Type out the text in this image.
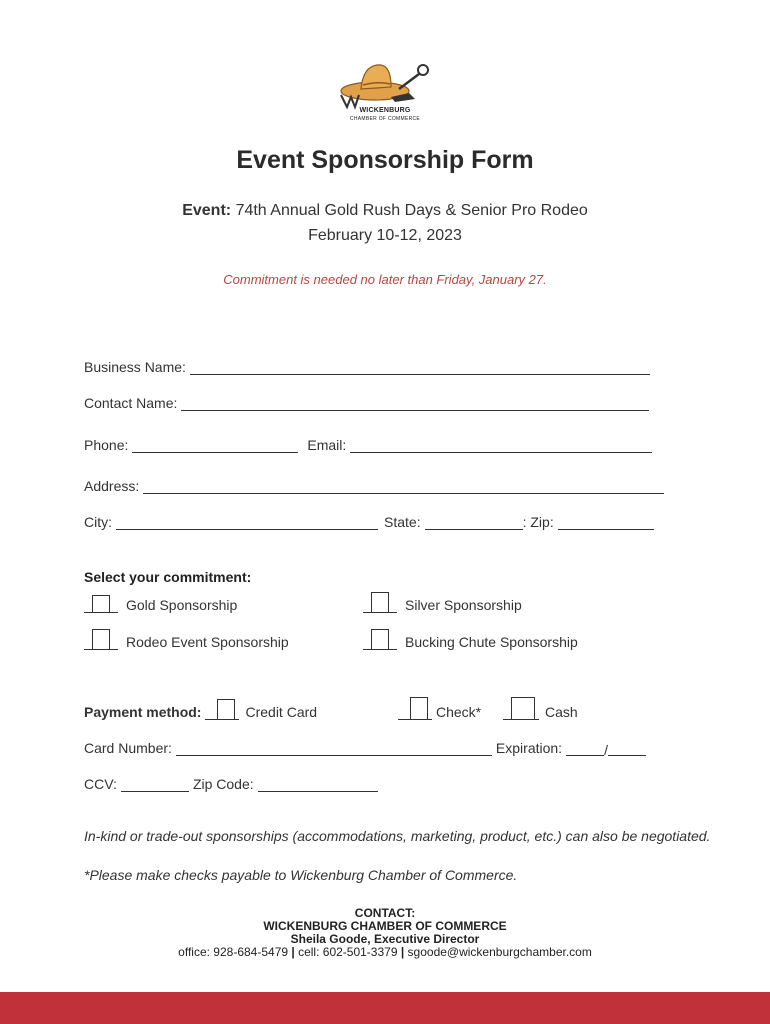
WICKENBURG
CHAMBER OF COMMERCE
Event Sponsorship Form
Event: 74th Annual Gold Rush Days & Senior Pro Rodeo
February 10-12, 2023
Commitment is needed no later than Friday, January 27.
Business Name:
Contact Name:
Phone:	Email:
Address:
City:	State:	: Zip:
Select your commitment:
Gold Sponsorship	Silver Sponsorship
Rodeo Event Sponsorship	Bucking Chute Sponsorship
Payment method:	Credit Card	Check*	Cash
Card Number:	Expiration:	/
CCV:	Zip Code:
In-kind or trade-out sponsorships (accommodations, marketing, product, etc.) can also be negotiated.
*Please make checks payable to Wickenburg Chamber of Commerce.
CONTACT:
WICKENBURG CHAMBER OF COMMERCE
Sheila Goode, Executive Director
office: 928-684-5479 | cell: 602-501-3379 | sgoode@wickenburgchamber.com
